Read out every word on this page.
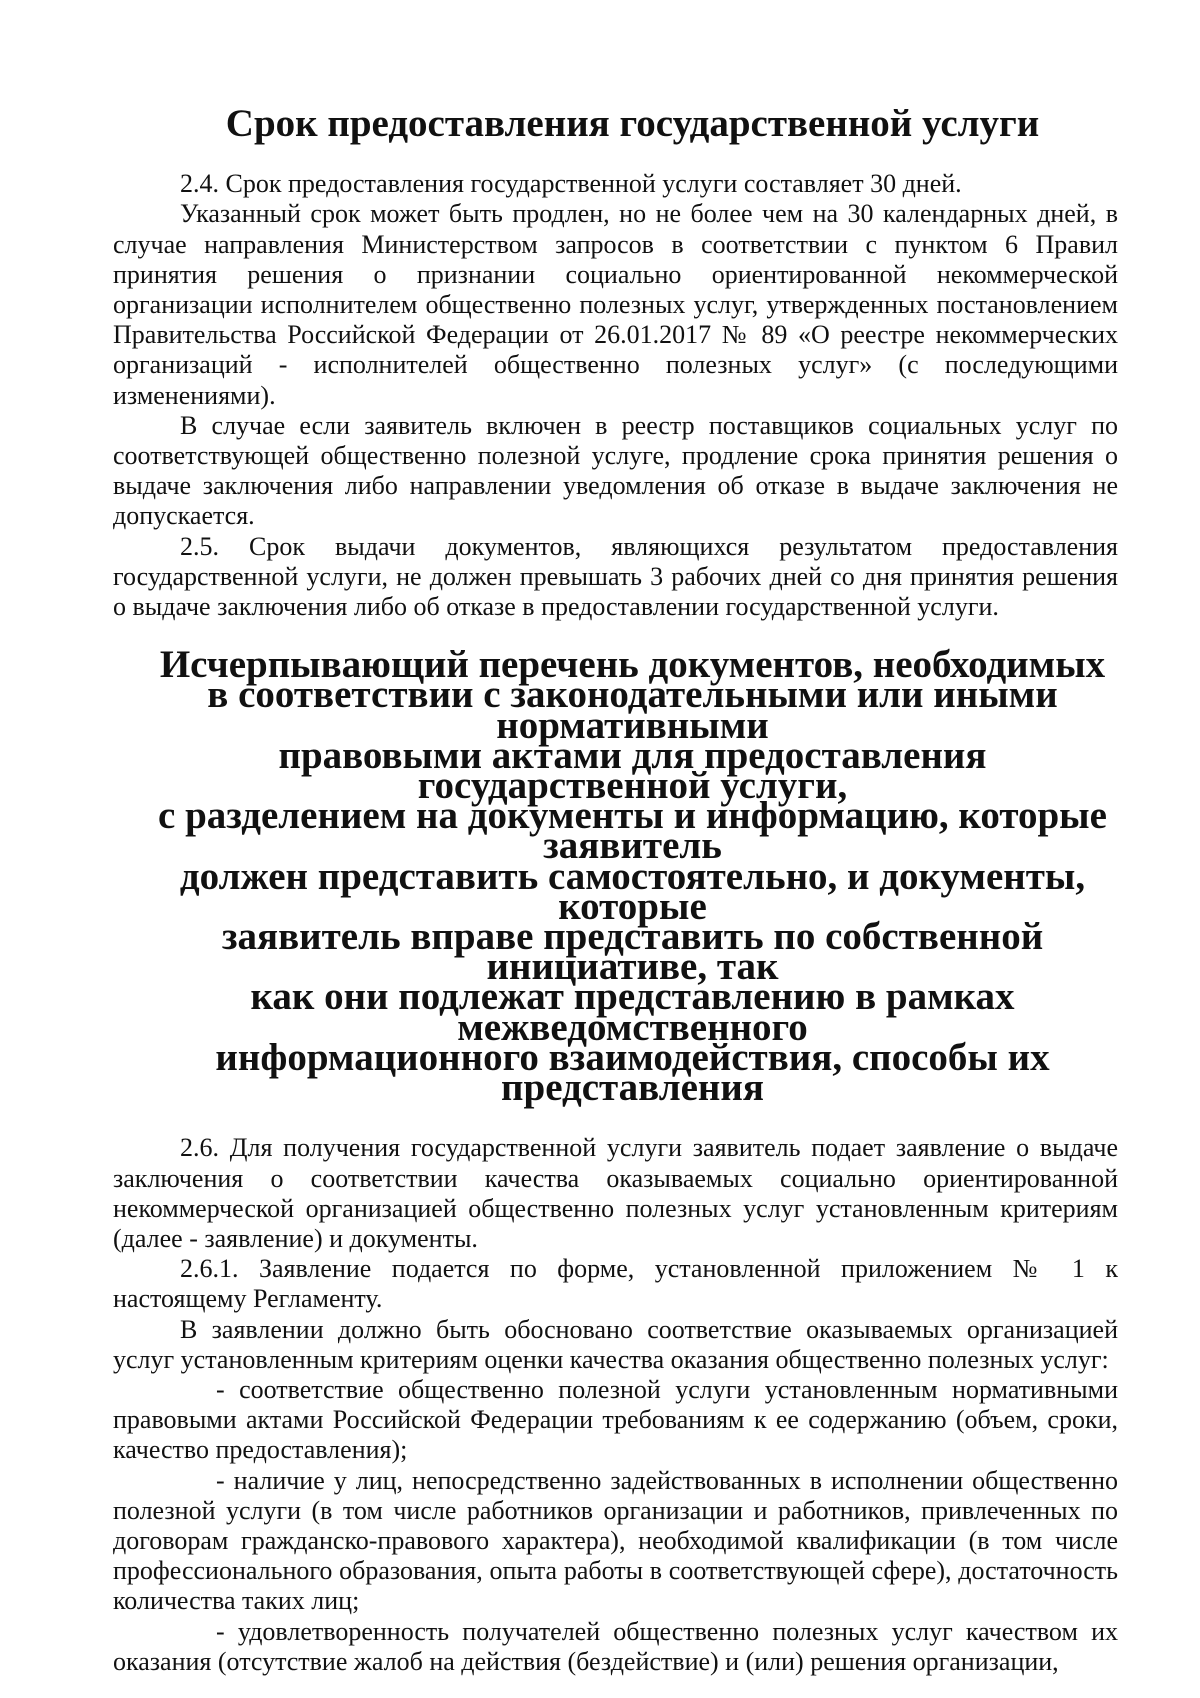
Срок предоставления государственной услуги

2.4. Срок предоставления государственной услуги составляет 30 дней.

Указанный срок может быть продлен, но не более чем на 30 календарных дней, в случае направления Министерством запросов в соответствии с пунктом 6 Правил принятия решения о признании социально ориентированной некоммерческой организации исполнителем общественно полезных услуг, утвержденных постановлением Правительства Российской Федерации от 26.01.2017 № 89 «О реестре некоммерческих организаций - исполнителей общественно полезных услуг» (с последующими изменениями).

В случае если заявитель включен в реестр поставщиков социальных услуг по соответствующей общественно полезной услуге, продление срока принятия решения о выдаче заключения либо направлении уведомления об отказе в выдаче заключения не допускается.

2.5. Срок выдачи документов, являющихся результатом предоставления государственной услуги, не должен превышать 3 рабочих дней со дня принятия решения о выдаче заключения либо об отказе в предоставлении государственной услуги.

Исчерпывающий перечень документов, необходимых
в соответствии с законодательными или иными нормативными
правовыми актами для предоставления государственной услуги,
с разделением на документы и информацию, которые заявитель
должен представить самостоятельно, и документы, которые
заявитель вправе представить по собственной инициативе, так
как они подлежат представлению в рамках межведомственного
информационного взаимодействия, способы их представления

2.6. Для получения государственной услуги заявитель подает заявление о выдаче заключения о соответствии качества оказываемых социально ориентированной некоммерческой организацией общественно полезных услуг установленным критериям (далее - заявление) и документы.

2.6.1. Заявление подается по форме, установленной приложением № 1 к настоящему Регламенту.

В заявлении должно быть обосновано соответствие оказываемых организацией услуг установленным критериям оценки качества оказания общественно полезных услуг:

- соответствие общественно полезной услуги установленным нормативными правовыми актами Российской Федерации требованиям к ее содержанию (объем, сроки, качество предоставления);

- наличие у лиц, непосредственно задействованных в исполнении общественно полезной услуги (в том числе работников организации и работников, привлеченных по договорам гражданско-правового характера), необходимой квалификации (в том числе профессионального образования, опыта работы в соответствующей сфере), достаточность количества таких лиц;

- удовлетворенность получателей общественно полезных услуг качеством их оказания (отсутствие жалоб на действия (бездействие) и (или) решения организации,
